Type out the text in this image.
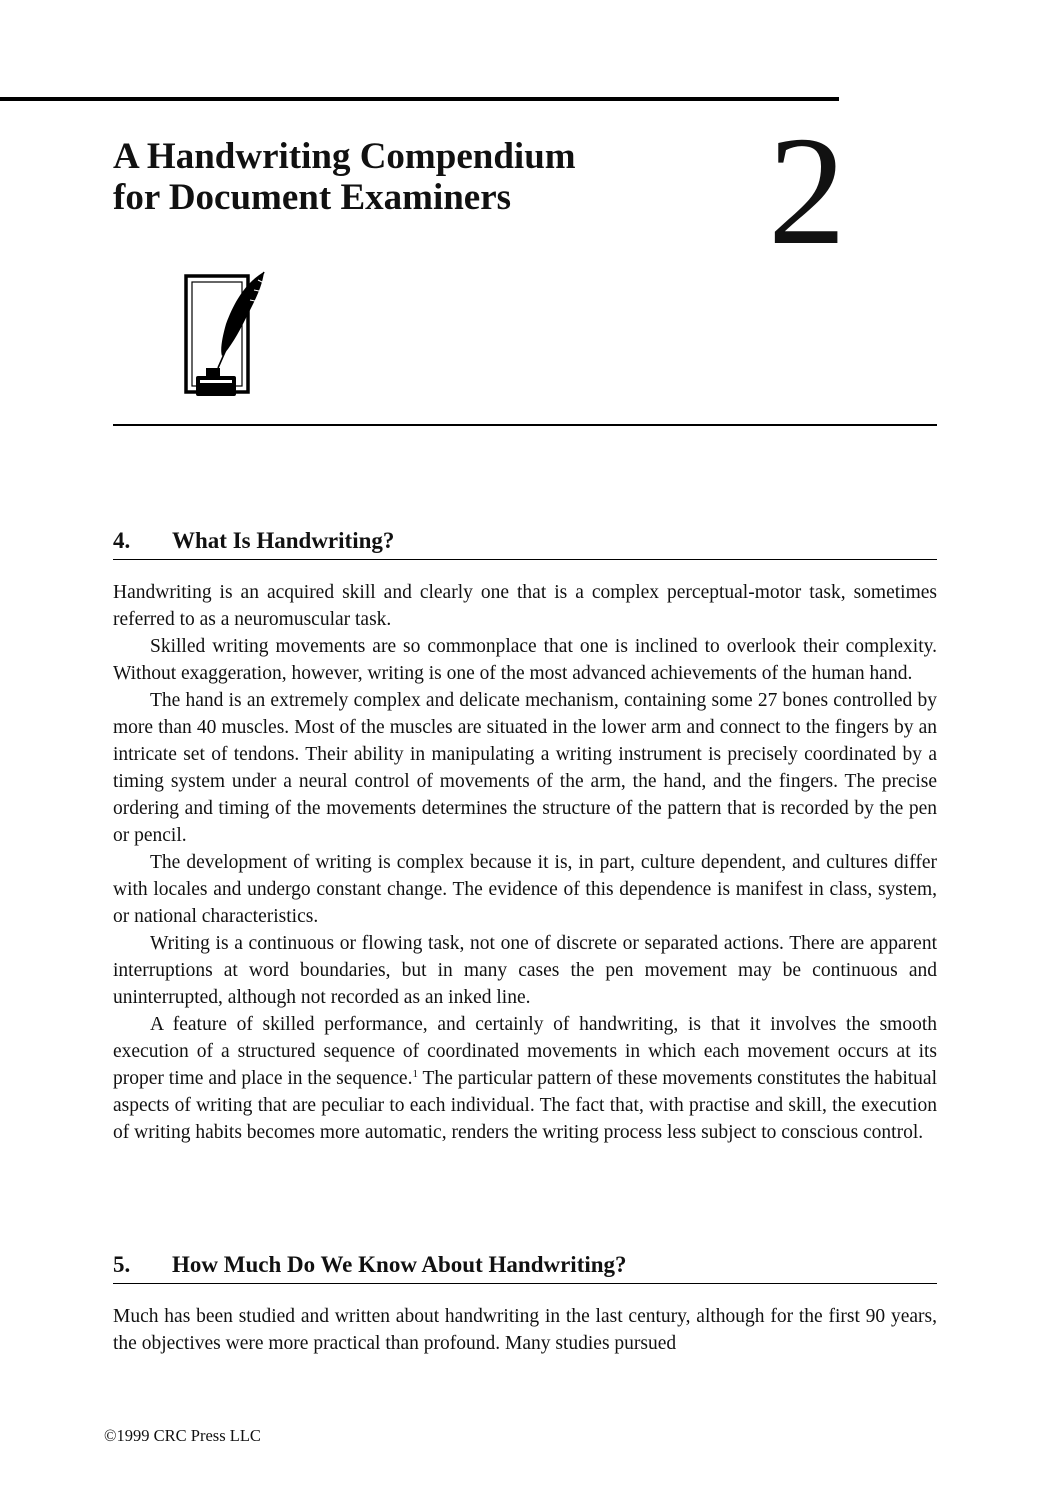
A Handwriting Compendium
for Document Examiners	2
4. What Is Handwriting?

Handwriting is an acquired skill and clearly one that is a complex perceptual-motor task, sometimes referred to as a neuromuscular task.

Skilled writing movements are so commonplace that one is inclined to overlook their complexity. Without exaggeration, however, writing is one of the most advanced achievements of the human hand.

The hand is an extremely complex and delicate mechanism, containing some 27 bones controlled by more than 40 muscles. Most of the muscles are situated in the lower arm and connect to the fingers by an intricate set of tendons. Their ability in manipulating a writing instrument is precisely coordinated by a timing system under a neural control of movements of the arm, the hand, and the fingers. The precise ordering and timing of the movements determines the structure of the pattern that is recorded by the pen or pencil.

The development of writing is complex because it is, in part, culture dependent, and cultures differ with locales and undergo constant change. The evidence of this dependence is manifest in class, system, or national characteristics.

Writing is a continuous or flowing task, not one of discrete or separated actions. There are apparent interruptions at word boundaries, but in many cases the pen movement may be continuous and uninterrupted, although not recorded as an inked line.

A feature of skilled performance, and certainly of handwriting, is that it involves the smooth execution of a structured sequence of coordinated movements in which each movement occurs at its proper time and place in the sequence.$^1$ The particular pattern of these movements constitutes the habitual aspects of writing that are peculiar to each individual. The fact that, with practise and skill, the execution of writing habits becomes more automatic, renders the writing process less subject to conscious control.

5. How Much Do We Know About Handwriting?

Much has been studied and written about handwriting in the last century, although for the first 90 years, the objectives were more practical than profound. Many studies pursued

©1999 CRC Press LLC
